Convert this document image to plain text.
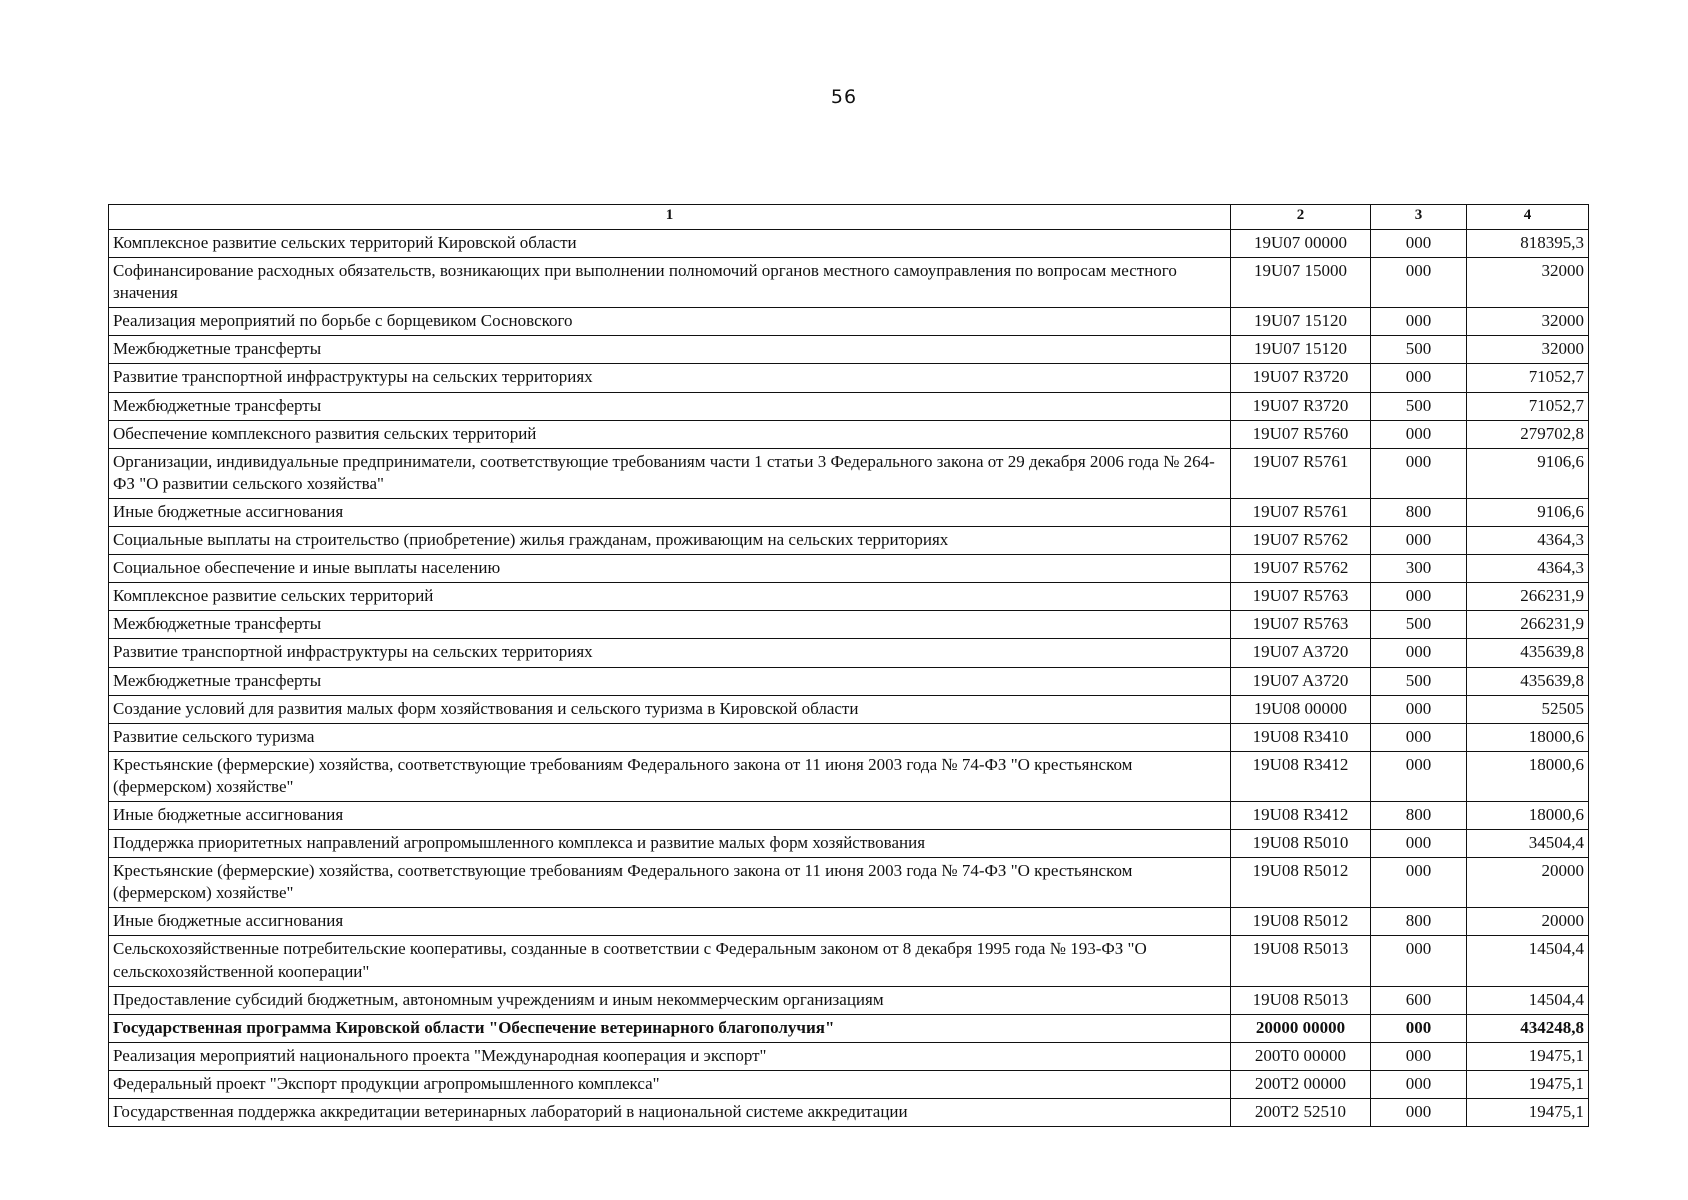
56
1	2	3	4
Комплексное развитие сельских территорий Кировской области	19U07 00000	000	818395,3
Софинансирование расходных обязательств, возникающих при выполнении полномочий органов местного самоуправления по вопросам местного значения	19U07 15000	000	32000
Реализация мероприятий по борьбе с борщевиком Сосновского	19U07 15120	000	32000
Межбюджетные трансферты	19U07 15120	500	32000
Развитие транспортной инфраструктуры на сельских территориях	19U07 R3720	000	71052,7
Межбюджетные трансферты	19U07 R3720	500	71052,7
Обеспечение комплексного развития сельских территорий	19U07 R5760	000	279702,8
Организации, индивидуальные предприниматели, соответствующие требованиям части 1 статьи 3 Федерального закона от 29 декабря 2006 года № 264-ФЗ "О развитии сельского хозяйства"	19U07 R5761	000	9106,6
Иные бюджетные ассигнования	19U07 R5761	800	9106,6
Социальные выплаты на строительство (приобретение) жилья гражданам, проживающим на сельских территориях	19U07 R5762	000	4364,3
Социальное обеспечение и иные выплаты населению	19U07 R5762	300	4364,3
Комплексное развитие сельских территорий	19U07 R5763	000	266231,9
Межбюджетные трансферты	19U07 R5763	500	266231,9
Развитие транспортной инфраструктуры на сельских территориях	19U07 A3720	000	435639,8
Межбюджетные трансферты	19U07 A3720	500	435639,8
Создание условий для развития малых форм хозяйствования и сельского туризма в Кировской области	19U08 00000	000	52505
Развитие сельского туризма	19U08 R3410	000	18000,6
Крестьянские (фермерские) хозяйства, соответствующие требованиям Федерального закона от 11 июня 2003 года № 74-ФЗ "О крестьянском (фермерском) хозяйстве"	19U08 R3412	000	18000,6
Иные бюджетные ассигнования	19U08 R3412	800	18000,6
Поддержка приоритетных направлений агропромышленного комплекса и развитие малых форм хозяйствования	19U08 R5010	000	34504,4
Крестьянские (фермерские) хозяйства, соответствующие требованиям Федерального закона от 11 июня 2003 года № 74-ФЗ "О крестьянском (фермерском) хозяйстве"	19U08 R5012	000	20000
Иные бюджетные ассигнования	19U08 R5012	800	20000
Сельскохозяйственные потребительские кооперативы, созданные в соответствии с Федеральным законом от 8 декабря 1995 года № 193-ФЗ "О сельскохозяйственной кооперации"	19U08 R5013	000	14504,4
Предоставление субсидий бюджетным, автономным учреждениям и иным некоммерческим организациям	19U08 R5013	600	14504,4
Государственная программа Кировской области "Обеспечение ветеринарного благополучия"	20000 00000	000	434248,8
Реализация мероприятий национального проекта "Международная кооперация и экспорт"	200T0 00000	000	19475,1
Федеральный проект "Экспорт продукции агропромышленного комплекса"	200T2 00000	000	19475,1
Государственная поддержка аккредитации ветеринарных лабораторий в национальной системе аккредитации	200T2 52510	000	19475,1
